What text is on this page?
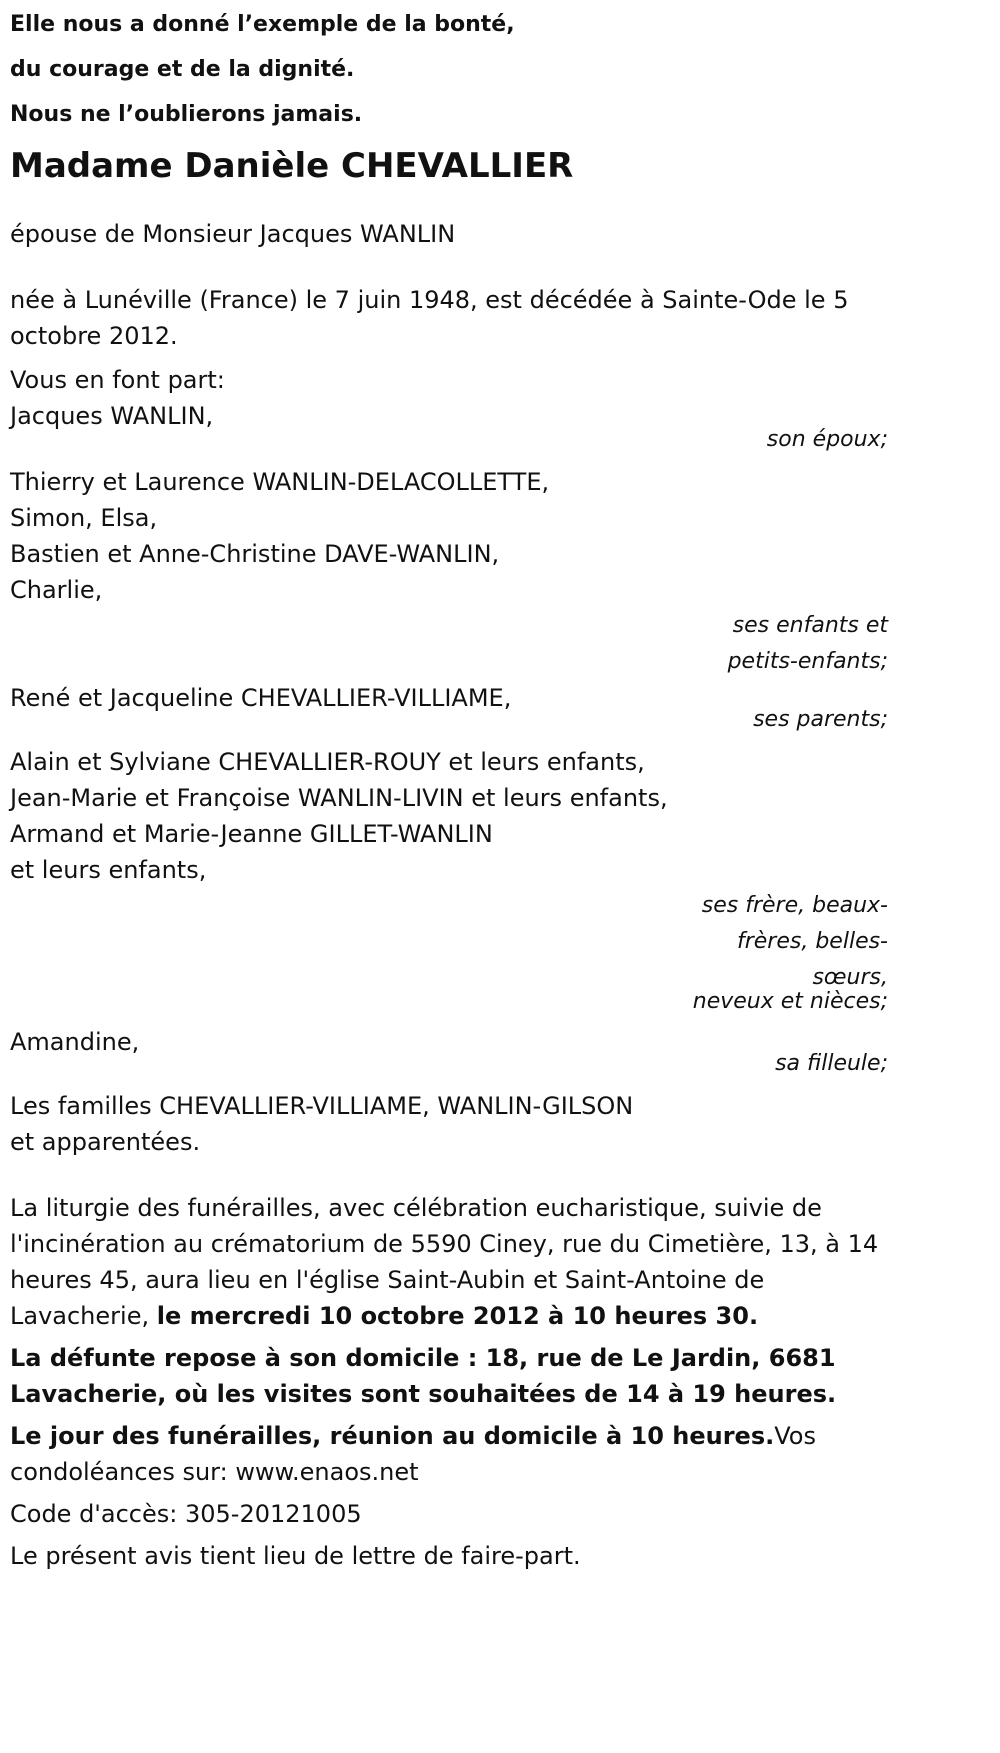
Elle nous a donné l’exemple de la bonté,
du courage et de la dignité.
Nous ne l’oublierons jamais.
Madame Danièle CHEVALLIER
épouse de Monsieur Jacques WANLIN
née à Lunéville (France) le 7 juin 1948, est décédée à Sainte-Ode le 5 octobre 2012.
Vous en font part:
Jacques WANLIN,
son époux;
Thierry et Laurence WANLIN-DELACOLLETTE,
Simon, Elsa,
Bastien et Anne-Christine DAVE-WANLIN,
Charlie,
ses enfants et petits-enfants;
René et Jacqueline CHEVALLIER-VILLIAME,
ses parents;
Alain et Sylviane CHEVALLIER-ROUY et leurs enfants,
Jean-Marie et Françoise WANLIN-LIVIN et leurs enfants,
Armand et Marie-Jeanne GILLET-WANLIN
et leurs enfants,
ses frère, beaux-frères, belles-sœurs,
neveux et nièces;
Amandine,
sa filleule;
Les familles CHEVALLIER-VILLIAME, WANLIN-GILSON
et apparentées.
La liturgie des funérailles, avec célébration eucharistique, suivie de l'incinération au crématorium de 5590 Ciney, rue du Cimetière, 13, à 14 heures 45, aura lieu en l'église Saint-Aubin et Saint-Antoine de Lavacherie, le mercredi 10 octobre 2012 à 10 heures 30.
La défunte repose à son domicile : 18, rue de Le Jardin, 6681 Lavacherie, où les visites sont souhaitées de 14 à 19 heures.
Le jour des funérailles, réunion au domicile à 10 heures.Vos condoléances sur: www.enaos.net
Code d'accès: 305-20121005
Le présent avis tient lieu de lettre de faire-part.
